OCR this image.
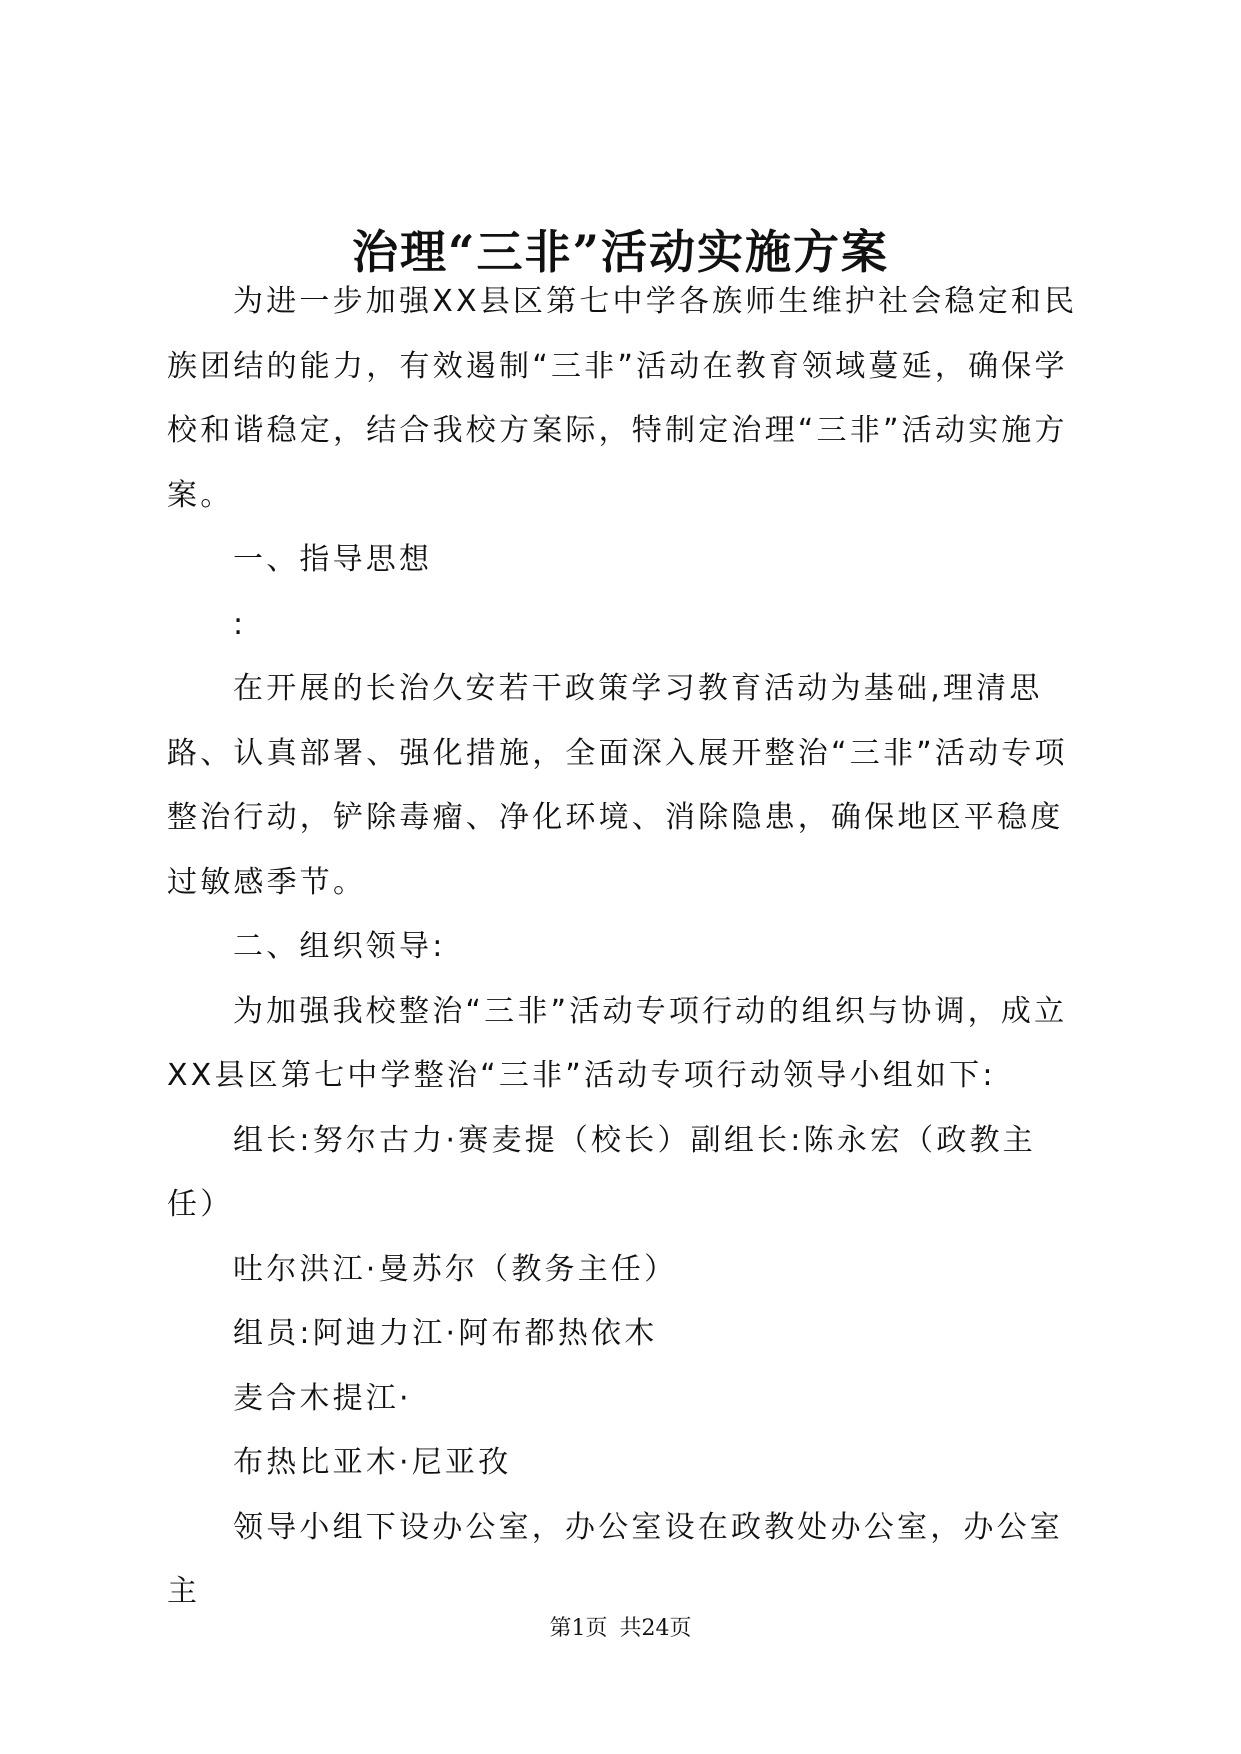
治理“三非”活动实施方案

为进一步加强XX县区第七中学各族师生维护社会稳定和民族团结的能力，有效遏制“三非”活动在教育领域蔓延，确保学校和谐稳定，结合我校方案际，特制定治理“三非”活动实施方案。

一、指导思想

:

在开展的长治久安若干政策学习教育活动为基础,理清思路、认真部署、强化措施，全面深入展开整治“三非”活动专项整治行动，铲除毒瘤、净化环境、消除隐患，确保地区平稳度过敏感季节。

二、组织领导:

为加强我校整治“三非”活动专项行动的组织与协调，成立XX县区第七中学整治“三非”活动专项行动领导小组如下:

组长:努尔古力·赛麦提（校长）副组长:陈永宏（政教主任）

吐尔洪江·曼苏尔（教务主任）

组员:阿迪力江·阿布都热依木

麦合木提江·

布热比亚木·尼亚孜

领导小组下设办公室，办公室设在政教处办公室，办公室主

第1页 共24页
